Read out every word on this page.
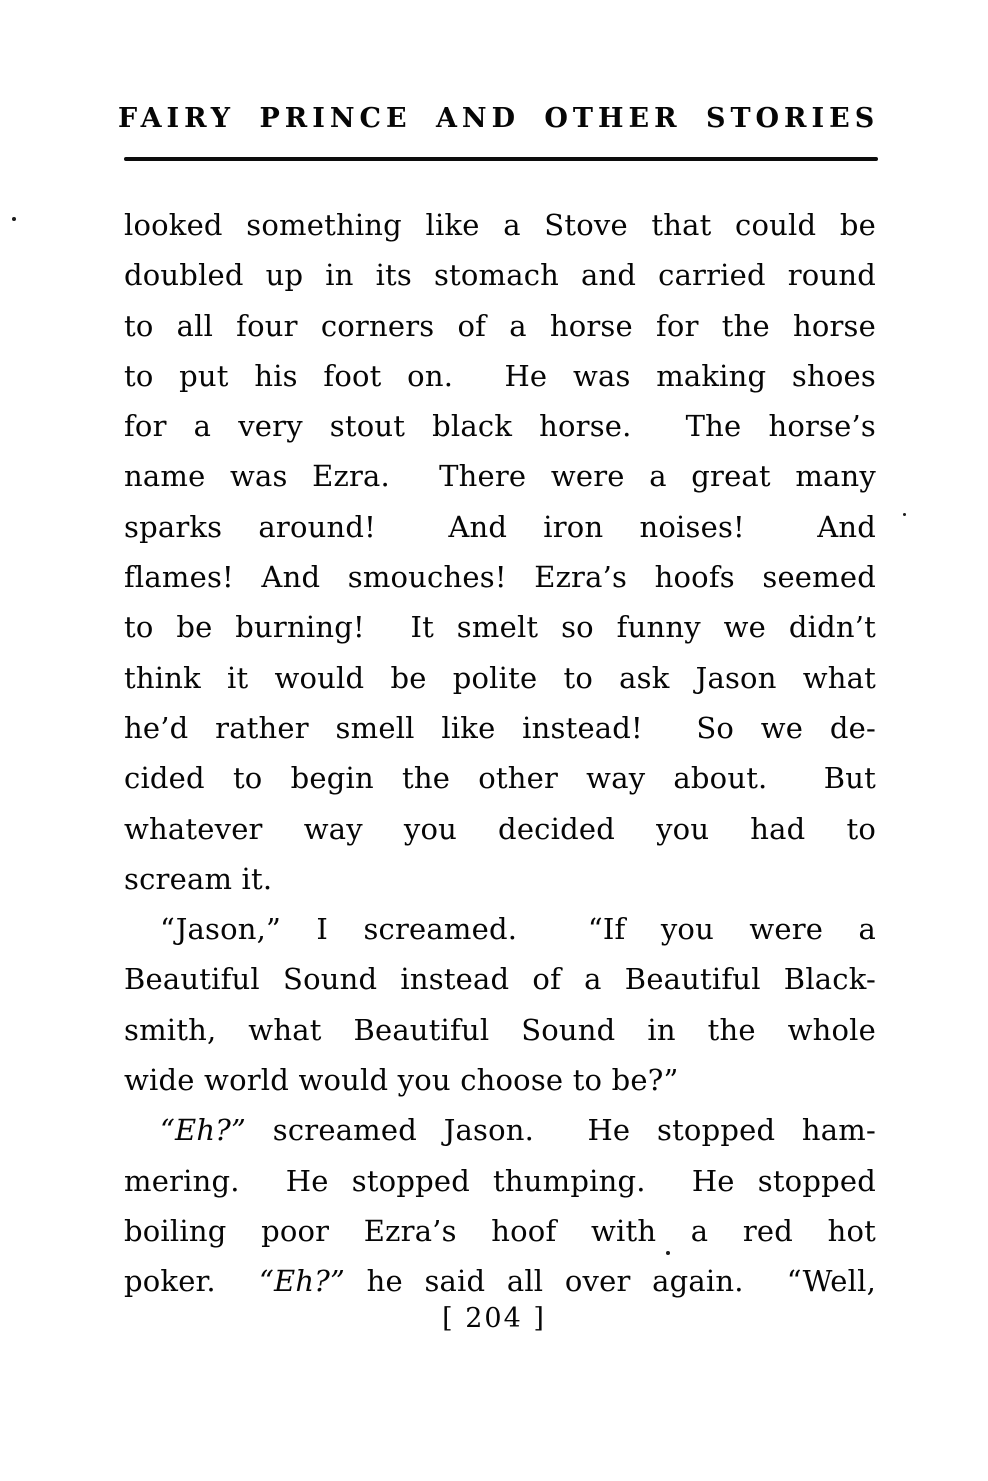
FAIRY PRINCE AND OTHER STORIES
looked something like a Stove that could be
doubled up in its stomach and carried round
to all four corners of a horse for the horse
to put his foot on.  He was making shoes
for a very stout black horse.  The horse’s
name was Ezra.  There were a great many
sparks around!  And iron noises!  And
flames! And smouches! Ezra’s hoofs seemed
to be burning!  It smelt so funny we didn’t
think it would be polite to ask Jason what
he’d rather smell like instead!  So we de-
cided to begin the other way about.  But
whatever way you decided you had to
scream it.
“Jason,” I screamed.  “If you were a
Beautiful Sound instead of a Beautiful Black-
smith, what Beautiful Sound in the whole
wide world would you choose to be?”
“Eh?” screamed Jason.  He stopped ham-
mering.  He stopped thumping.  He stopped
boiling poor Ezra’s hoof with a red hot
poker.  “Eh?” he said all over again.  “Well,
[ 204 ]
